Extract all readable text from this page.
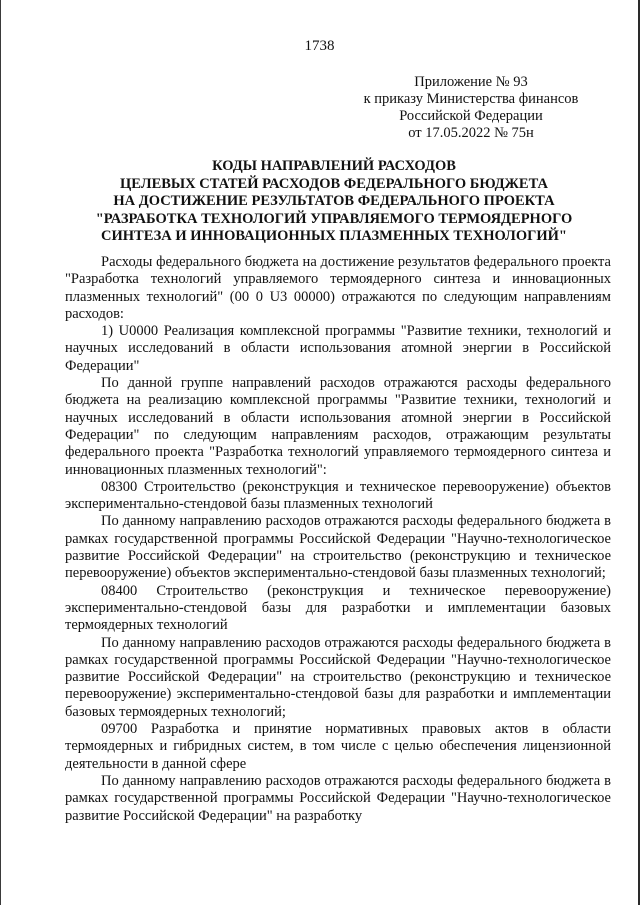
1738
Приложение № 93
к приказу Министерства финансов
Российской Федерации
от 17.05.2022 № 75н
КОДЫ НАПРАВЛЕНИЙ РАСХОДОВ
ЦЕЛЕВЫХ СТАТЕЙ РАСХОДОВ ФЕДЕРАЛЬНОГО БЮДЖЕТА
НА ДОСТИЖЕНИЕ РЕЗУЛЬТАТОВ ФЕДЕРАЛЬНОГО ПРОЕКТА
"РАЗРАБОТКА ТЕХНОЛОГИЙ УПРАВЛЯЕМОГО ТЕРМОЯДЕРНОГО
СИНТЕЗА И ИННОВАЦИОННЫХ ПЛАЗМЕННЫХ ТЕХНОЛОГИЙ"

Расходы федерального бюджета на достижение результатов федерального проекта "Разработка технологий управляемого термоядерного синтеза и инновационных плазменных технологий" (00 0 U3 00000) отражаются по следующим направлениям расходов:

1) U0000 Реализация комплексной программы "Развитие техники, технологий и научных исследований в области использования атомной энергии в Российской Федерации"

По данной группе направлений расходов отражаются расходы федерального бюджета на реализацию комплексной программы "Развитие техники, технологий и научных исследований в области использования атомной энергии в Российской Федерации" по следующим направлениям расходов, отражающим результаты федерального проекта "Разработка технологий управляемого термоядерного синтеза и инновационных плазменных технологий":

08300 Строительство (реконструкция и техническое перевооружение) объектов экспериментально-стендовой базы плазменных технологий

По данному направлению расходов отражаются расходы федерального бюджета в рамках государственной программы Российской Федерации "Научно-технологическое развитие Российской Федерации" на строительство (реконструкцию и техническое перевооружение) объектов экспериментально-стендовой базы плазменных технологий;

08400 Строительство (реконструкция и техническое перевооружение) экспериментально-стендовой базы для разработки и имплементации базовых термоядерных технологий

По данному направлению расходов отражаются расходы федерального бюджета в рамках государственной программы Российской Федерации "Научно-технологическое развитие Российской Федерации" на строительство (реконструкцию и техническое перевооружение) экспериментально-стендовой базы для разработки и имплементации базовых термоядерных технологий;

09700 Разработка и принятие нормативных правовых актов в области термоядерных и гибридных систем, в том числе с целью обеспечения лицензионной деятельности в данной сфере

По данному направлению расходов отражаются расходы федерального бюджета в рамках государственной программы Российской Федерации "Научно-технологическое развитие Российской Федерации" на разработку
